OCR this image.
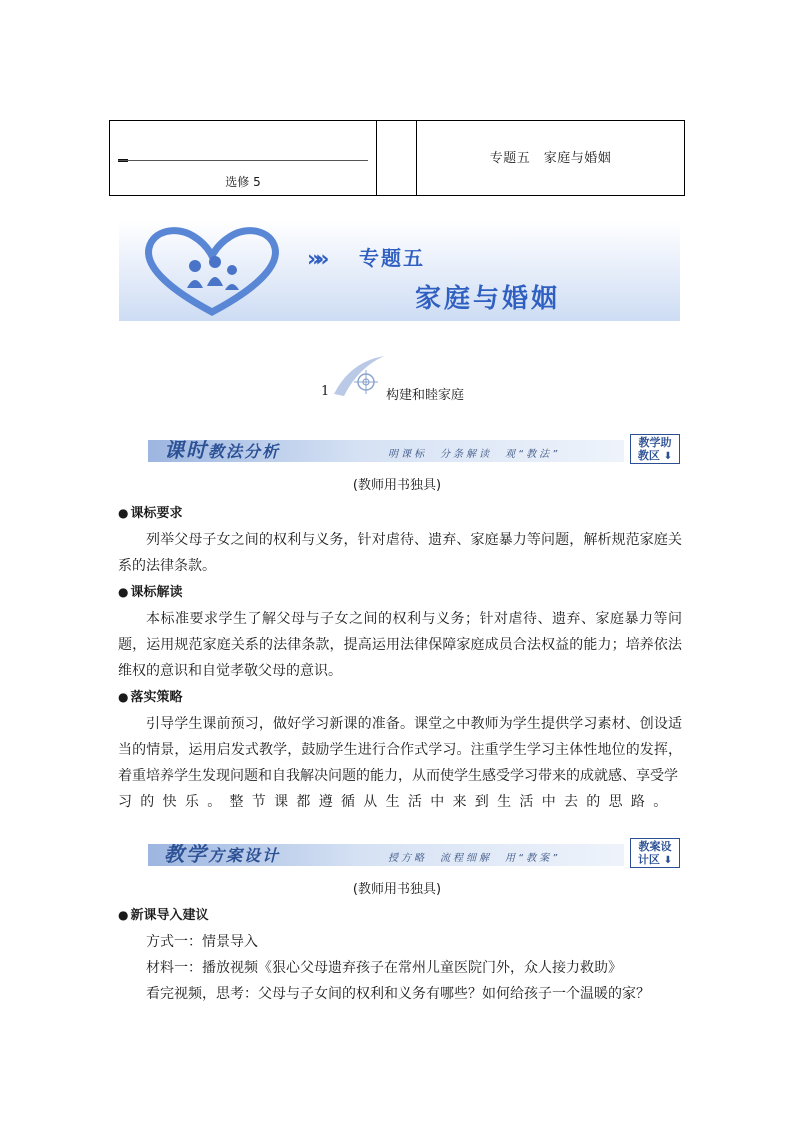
选修 5
专题五　家庭与婚姻
»» 专题五
家庭与婚姻
1	构建和睦家庭
课时教法分析	明课标　分条解读　观“教法”
教学助
教区 ⬇
(教师用书独具)
● 课标要求
列举父母子女之间的权利与义务，针对虐待、遗弃、家庭暴力等问题，解析规范家庭关系的法律条款。
● 课标解读
本标准要求学生了解父母与子女之间的权利与义务；针对虐待、遗弃、家庭暴力等问题，运用规范家庭关系的法律条款，提高运用法律保障家庭成员合法权益的能力；培养依法维权的意识和自觉孝敬父母的意识。
● 落实策略
引导学生课前预习，做好学习新课的准备。课堂之中教师为学生提供学习素材、创设适当的情景，运用启发式教学，鼓励学生进行合作式学习。注重学生学习主体性地位的发挥，着重培养学生发现问题和自我解决问题的能力，从而使学生感受学习带来的成就感、享受学
习的快乐。整节课都遵循从生活中来到生活中去的思路。
教学方案设计	授方略　流程细解　用“教案”
教案设
计区 ⬇
(教师用书独具)
● 新课导入建议
方式一：情景导入
材料一：播放视频《狠心父母遗弃孩子在常州儿童医院门外，众人接力救助》
看完视频，思考：父母与子女间的权利和义务有哪些？如何给孩子一个温暖的家？
